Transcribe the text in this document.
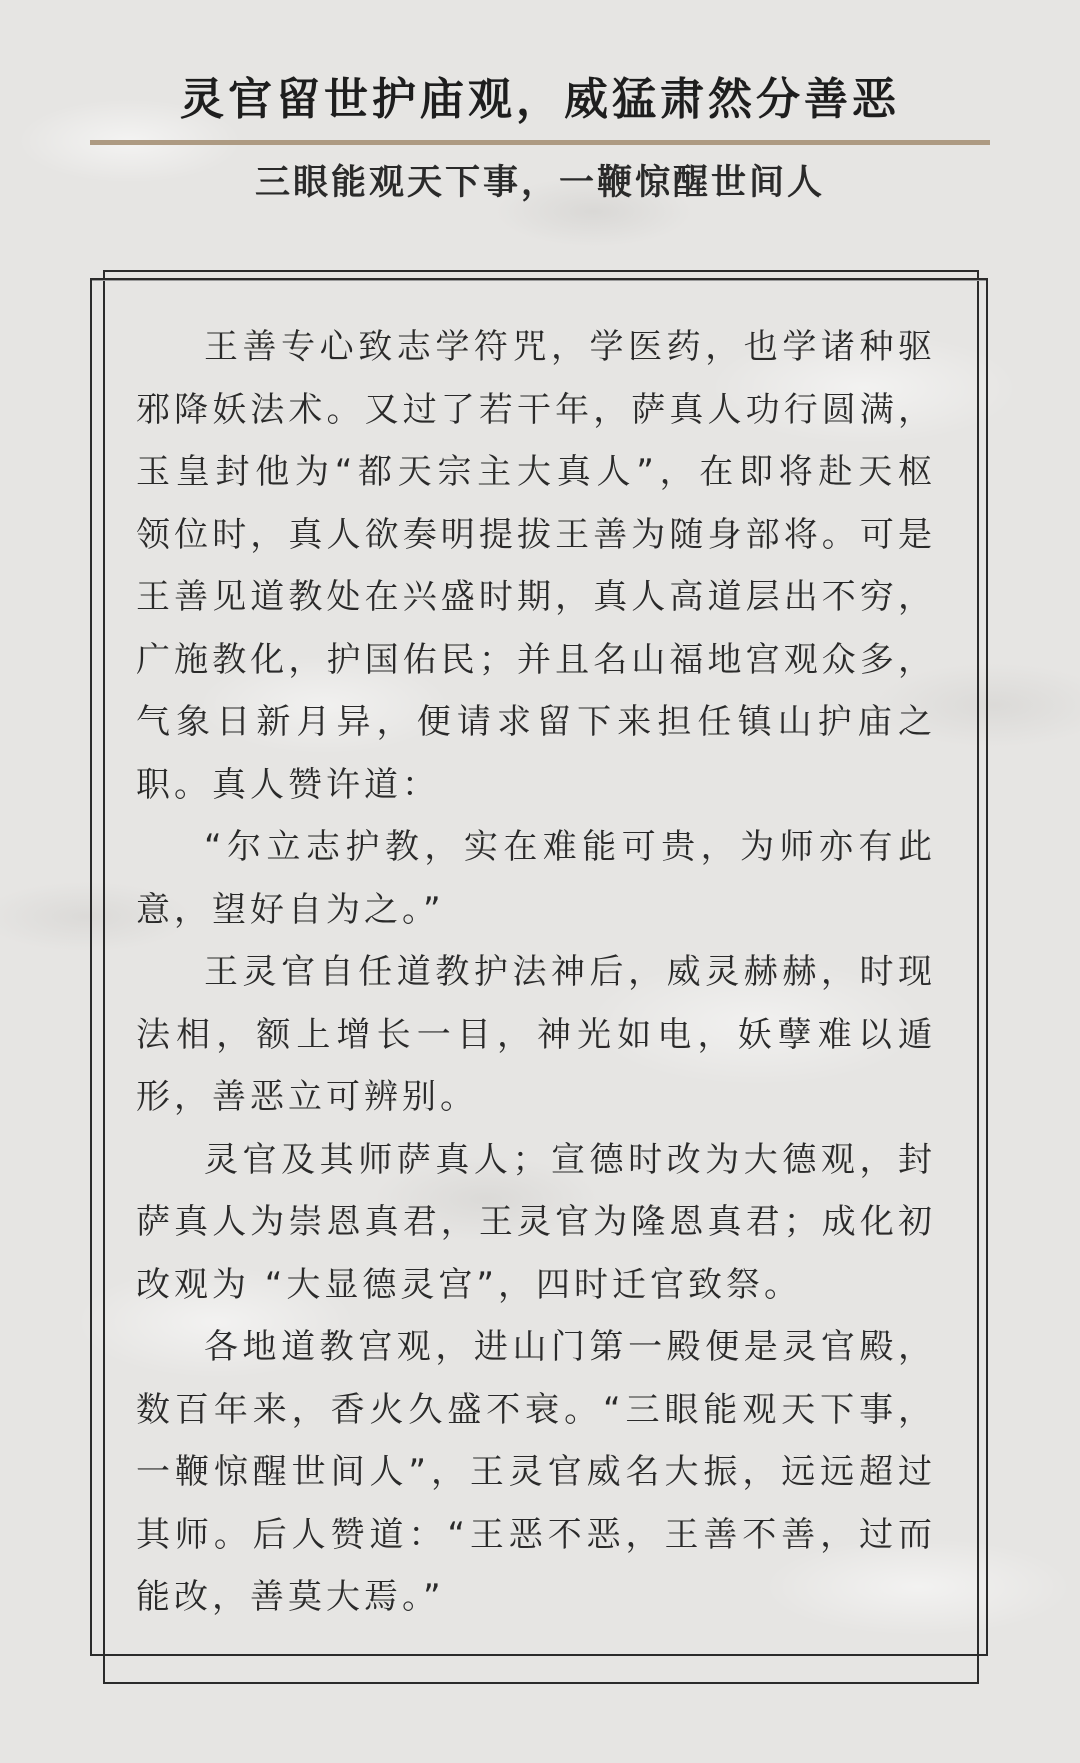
灵官留世护庙观，威猛肃然分善恶
三眼能观天下事，一鞭惊醒世间人

王善专心致志学符咒，学医药，也学诸种驱邪降妖法术。又过了若干年，萨真人功行圆满，玉皇封他为“都天宗主大真人”，在即将赴天枢领位时，真人欲奏明提拔王善为随身部将。可是王善见道教处在兴盛时期，真人高道层出不穷，广施教化，护国佑民；并且名山福地宫观众多，气象日新月异，便请求留下来担任镇山护庙之职。真人赞许道：

“尔立志护教，实在难能可贵，为师亦有此意，望好自为之。”

王灵官自任道教护法神后，威灵赫赫，时现法相，额上增长一目，神光如电，妖孽难以遁形，善恶立可辨别。

灵官及其师萨真人；宣德时改为大德观，封萨真人为崇恩真君，王灵官为隆恩真君；成化初改观为 “大显德灵宫”，四时迁官致祭。

各地道教宫观，进山门第一殿便是灵官殿，数百年来，香火久盛不衰。“三眼能观天下事，一鞭惊醒世间人”，王灵官威名大振，远远超过其师。后人赞道：“王恶不恶，王善不善，过而能改，善莫大焉。”
